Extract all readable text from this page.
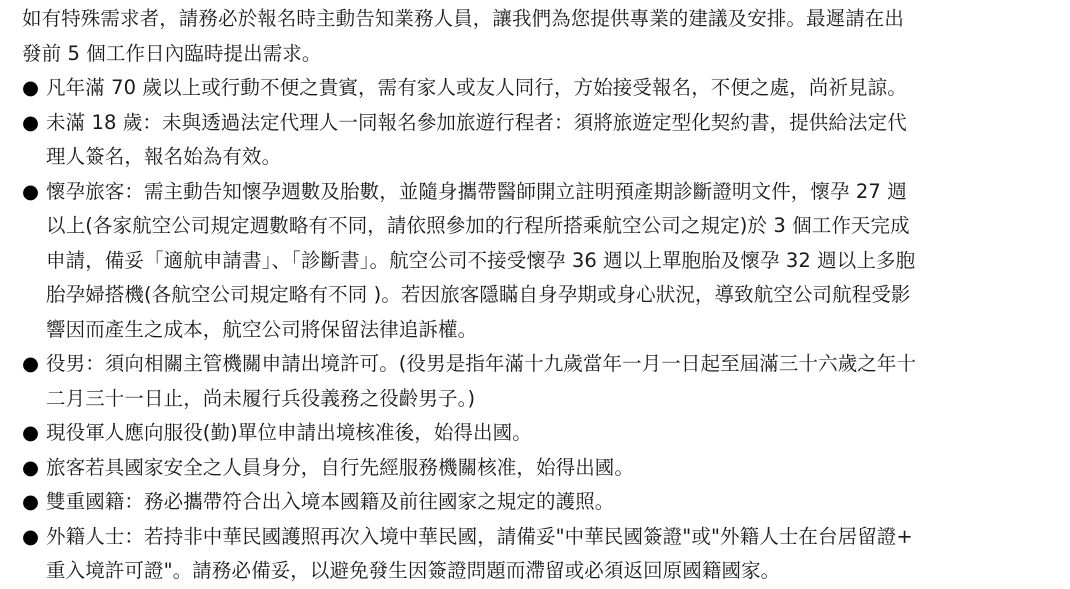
如有特殊需求者，請務必於報名時主動告知業務人員，讓我們為您提供專業的建議及安排。最遲請在出
發前 5 個工作日內臨時提出需求。
● 凡年滿 70 歲以上或行動不便之貴賓，需有家人或友人同行，方始接受報名，不便之處，尚祈見諒。
● 未滿 18 歲：未與透過法定代理人一同報名參加旅遊行程者：須將旅遊定型化契約書，提供給法定代
理人簽名，報名始為有效。
● 懷孕旅客：需主動告知懷孕週數及胎數，並隨身攜帶醫師開立註明預產期診斷證明文件，懷孕 27 週
以上(各家航空公司規定週數略有不同，請依照參加的行程所搭乘航空公司之規定)於 3 個工作天完成
申請，備妥「適航申請書」、「診斷書」。航空公司不接受懷孕 36 週以上單胞胎及懷孕 32 週以上多胞
胎孕婦搭機(各航空公司規定略有不同 )。若因旅客隱瞞自身孕期或身心狀況，導致航空公司航程受影
響因而產生之成本，航空公司將保留法律追訴權。
● 役男：須向相關主管機關申請出境許可。(役男是指年滿十九歲當年一月一日起至屆滿三十六歲之年十
二月三十一日止，尚未履行兵役義務之役齡男子。)
● 現役軍人應向服役(勤)單位申請出境核准後，始得出國。
● 旅客若具國家安全之人員身分，自行先經服務機關核准，始得出國。
● 雙重國籍：務必攜帶符合出入境本國籍及前往國家之規定的護照。
● 外籍人士：若持非中華民國護照再次入境中華民國，請備妥"中華民國簽證"或"外籍人士在台居留證+
重入境許可證"。請務必備妥，以避免發生因簽證問題而滯留或必須返回原國籍國家。
